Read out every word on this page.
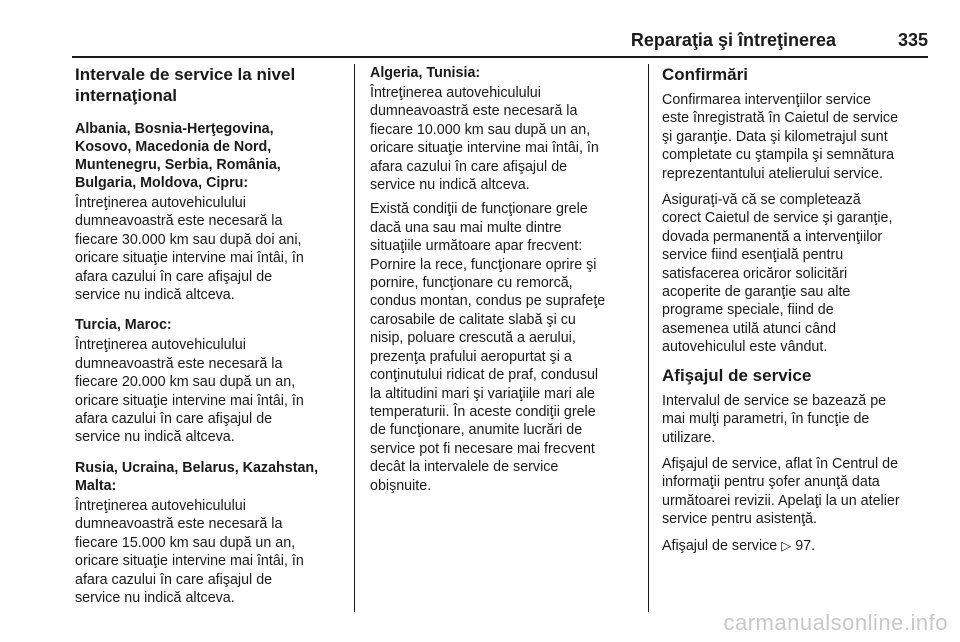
Reparaţia şi întreţinerea	335
Intervale de service la nivel
internaţional
Albania, Bosnia-Herţegovina,
Kosovo, Macedonia de Nord,
Muntenegru, Serbia, România,
Bulgaria, Moldova, Cipru:

Întreţinerea autovehiculului
dumneavoastră este necesară la
fiecare 30.000 km sau după doi ani,
oricare situaţie intervine mai întâi, în
afara cazului în care afişajul de
service nu indică altceva.

Turcia, Maroc:

Întreţinerea autovehiculului
dumneavoastră este necesară la
fiecare 20.000 km sau după un an,
oricare situaţie intervine mai întâi, în
afara cazului în care afişajul de
service nu indică altceva.

Rusia, Ucraina, Belarus, Kazahstan,
Malta:

Întreţinerea autovehiculului
dumneavoastră este necesară la
fiecare 15.000 km sau după un an,
oricare situaţie intervine mai întâi, în
afara cazului în care afişajul de
service nu indică altceva.

Algeria, Tunisia:

Întreţinerea autovehiculului
dumneavoastră este necesară la
fiecare 10.000 km sau după un an,
oricare situaţie intervine mai întâi, în
afara cazului în care afişajul de
service nu indică altceva.

Există condiţii de funcţionare grele
dacă una sau mai multe dintre
situaţiile următoare apar frecvent:
Pornire la rece, funcţionare oprire şi
pornire, funcţionare cu remorcă,
condus montan, condus pe suprafeţe
carosabile de calitate slabă şi cu
nisip, poluare crescută a aerului,
prezenţa prafului aeropurtat şi a
conţinutului ridicat de praf, condusul
la altitudini mari şi variaţiile mari ale
temperaturii. În aceste condiţii grele
de funcţionare, anumite lucrări de
service pot fi necesare mai frecvent
decât la intervalele de service
obişnuite.

Confirmări

Confirmarea intervenţiilor service
este înregistrată în Caietul de service
şi garanţie. Data şi kilometrajul sunt
completate cu ştampila şi semnătura
reprezentantului atelierului service.

Asiguraţi-vă că se completează
corect Caietul de service şi garanţie,
dovada permanentă a intervenţiilor
service fiind esenţială pentru
satisfacerea oricăror solicitări
acoperite de garanţie sau alte
programe speciale, fiind de
asemenea utilă atunci când
autovehiculul este vândut.

Afişajul de service

Intervalul de service se bazează pe
mai mulţi parametri, în funcţie de
utilizare.

Afişajul de service, aflat în Centrul de
informaţii pentru şofer anunţă data
următoarei revizii. Apelaţi la un atelier
service pentru asistenţă.

Afişajul de service ▷ 97.

carmanualsonline.info
